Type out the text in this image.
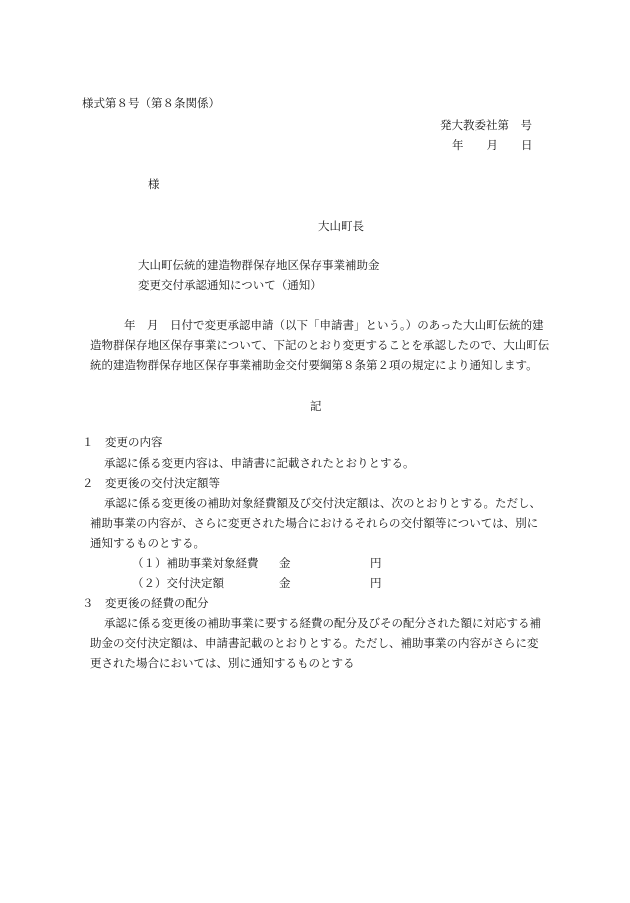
様式第８号（第８条関係）
発大教委社第　号
年　　月　　日
様
大山町長
大山町伝統的建造物群保存地区保存事業補助金
変更交付承認通知について（通知）
年　月　日付で変更承認申請（以下「申請書」という。）のあった大山町伝統的建
造物群保存地区保存事業について、下記のとおり変更することを承認したので、大山町伝
統的建造物群保存地区保存事業補助金交付要綱第８条第２項の規定により通知します。
記
１　変更の内容
承認に係る変更内容は、申請書に記載されたとおりとする。
２　変更後の交付決定額等
承認に係る変更後の補助対象経費額及び交付決定額は、次のとおりとする。ただし、
補助事業の内容が、さらに変更された場合におけるそれらの交付額等については、別に
通知するものとする。
（１）補助事業対象経費 金	円
（２）交付決定額	金	円
３　変更後の経費の配分
承認に係る変更後の補助事業に要する経費の配分及びその配分された額に対応する補
助金の交付決定額は、申請書記載のとおりとする。ただし、補助事業の内容がさらに変
更された場合においては、別に通知するものとする
